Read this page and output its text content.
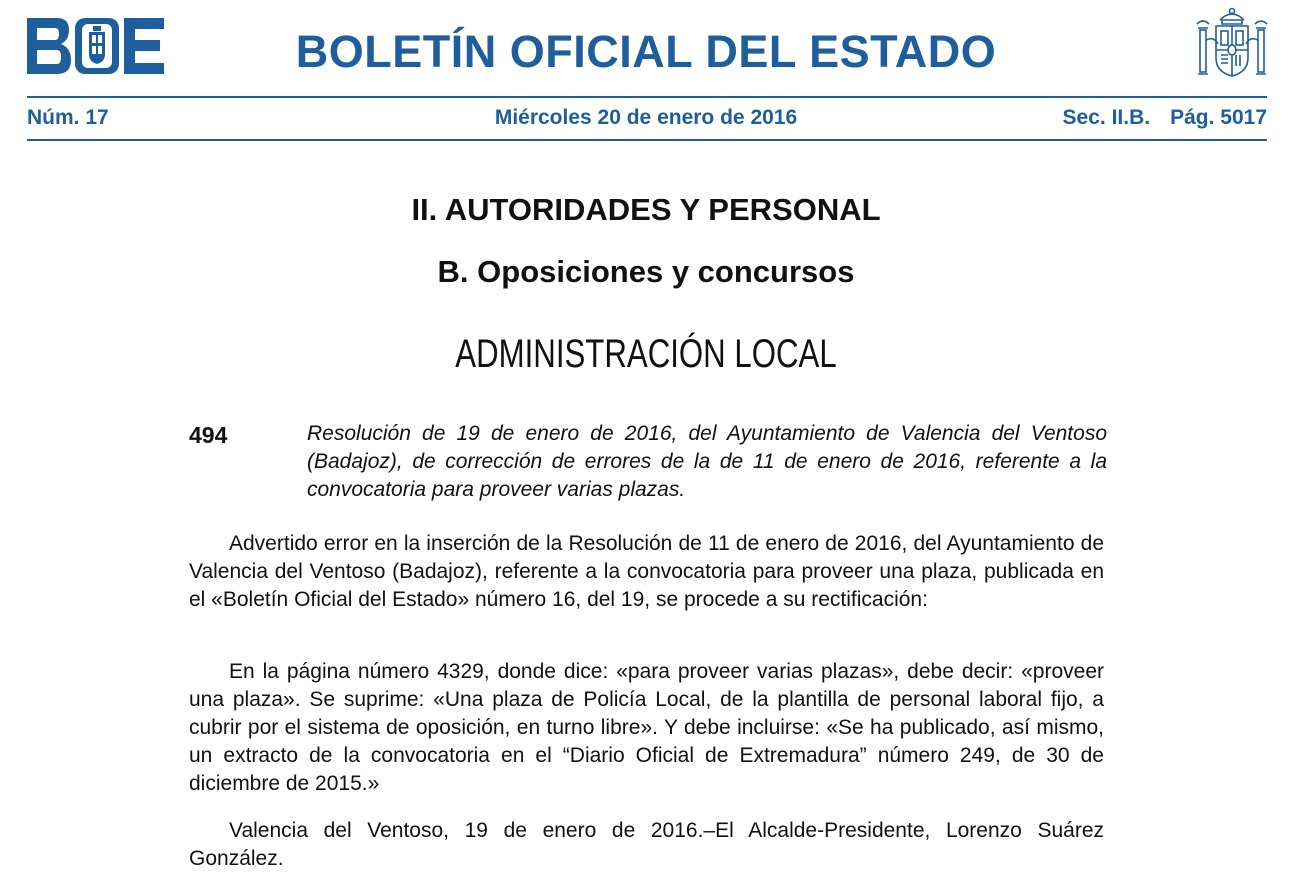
BOLETÍN OFICIAL DEL ESTADO
Núm. 17	Miércoles 20 de enero de 2016	Sec. II.B. Pág. 5017
II. AUTORIDADES Y PERSONAL
B. Oposiciones y concursos
ADMINISTRACIÓN LOCAL
494	Resolución de 19 de enero de 2016, del Ayuntamiento de Valencia del Ventoso (Badajoz), de corrección de errores de la de 11 de enero de 2016, referente a la convocatoria para proveer varias plazas.

Advertido error en la inserción de la Resolución de 11 de enero de 2016, del Ayuntamiento de Valencia del Ventoso (Badajoz), referente a la convocatoria para proveer una plaza, publicada en el «Boletín Oficial del Estado» número 16, del 19, se procede a su rectificación:

En la página número 4329, donde dice: «para proveer varias plazas», debe decir: «proveer una plaza». Se suprime: «Una plaza de Policía Local, de la plantilla de personal laboral fijo, a cubrir por el sistema de oposición, en turno libre». Y debe incluirse: «Se ha publicado, así mismo, un extracto de la convocatoria en el “Diario Oficial de Extremadura” número 249, de 30 de diciembre de 2015.»

Valencia del Ventoso, 19 de enero de 2016.–El Alcalde-Presidente, Lorenzo Suárez González.
